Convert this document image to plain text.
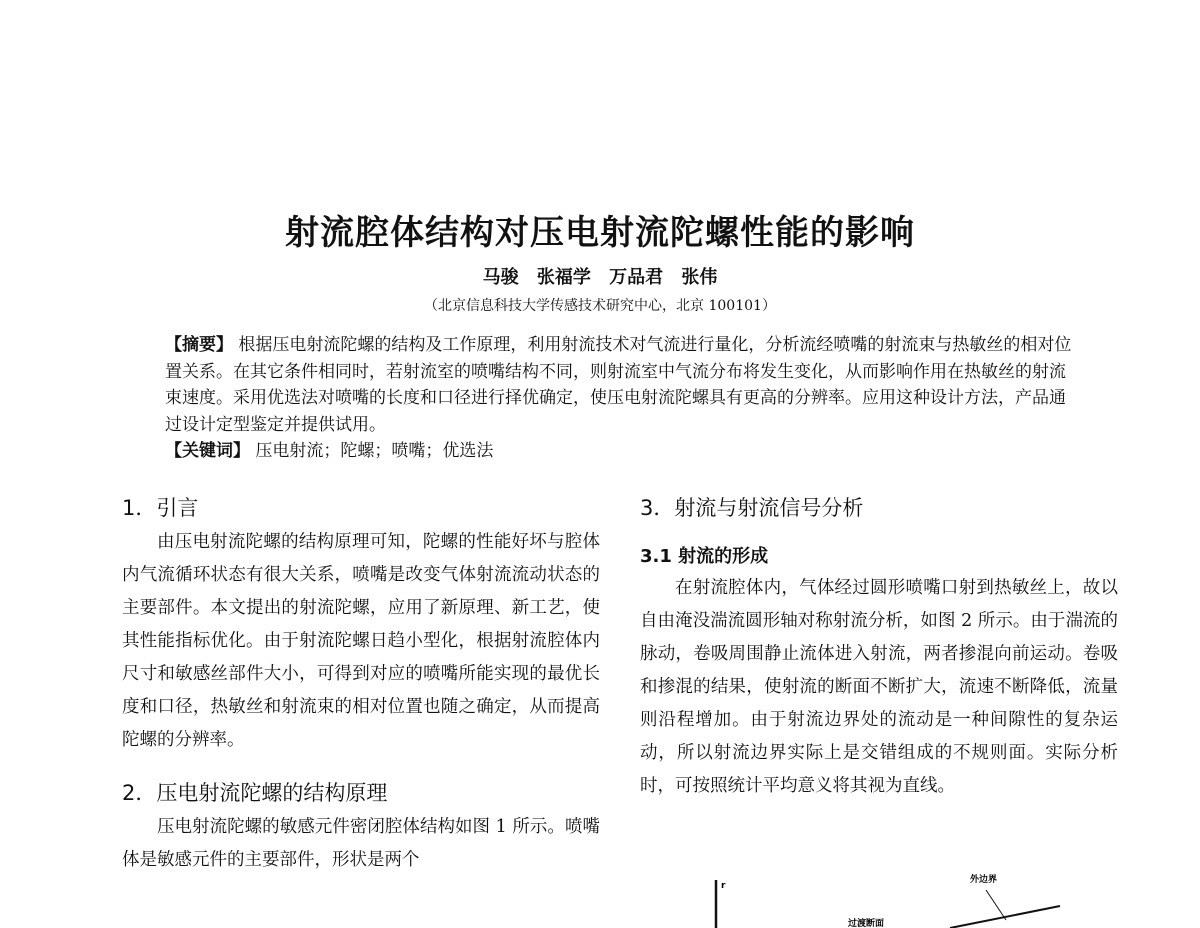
射流腔体结构对压电射流陀螺性能的影响
马骏 张福学 万品君 张伟
（北京信息科技大学传感技术研究中心，北京 100101）
【摘要】 根据压电射流陀螺的结构及工作原理，利用射流技术对气流进行量化，分析流经喷嘴的射流束与热敏丝的相对位置关系。在其它条件相同时，若射流室的喷嘴结构不同，则射流室中气流分布将发生变化，从而影响作用在热敏丝的射流束速度。采用优选法对喷嘴的长度和口径进行择优确定，使压电射流陀螺具有更高的分辨率。应用这种设计方法，产品通过设计定型鉴定并提供试用。
【关键词】 压电射流；陀螺；喷嘴；优选法
1．引言

由压电射流陀螺的结构原理可知，陀螺的性能好坏与腔体内气流循环状态有很大关系，喷嘴是改变气体射流流动状态的主要部件。本文提出的射流陀螺，应用了新原理、新工艺，使其性能指标优化。由于射流陀螺日趋小型化，根据射流腔体内尺寸和敏感丝部件大小，可得到对应的喷嘴所能实现的最优长度和口径，热敏丝和射流束的相对位置也随之确定，从而提高陀螺的分辨率。

2．压电射流陀螺的结构原理

压电射流陀螺的敏感元件密闭腔体结构如图 1 所示。喷嘴体是敏感元件的主要部件，形状是两个

3．射流与射流信号分析
3.1 射流的形成

在射流腔体内，气体经过圆形喷嘴口射到热敏丝上，故以自由淹没湍流圆形轴对称射流分析，如图 2 所示。由于湍流的脉动，卷吸周围静止流体进入射流，两者掺混向前运动。卷吸和掺混的结果，使射流的断面不断扩大，流速不断降低，流量则沿程增加。由于射流边界处的流动是一种间隙性的复杂运动，所以射流边界实际上是交错组成的不规则面。实际分析时，可按照统计平均意义将其视为直线。

r
外边界
过渡断面
